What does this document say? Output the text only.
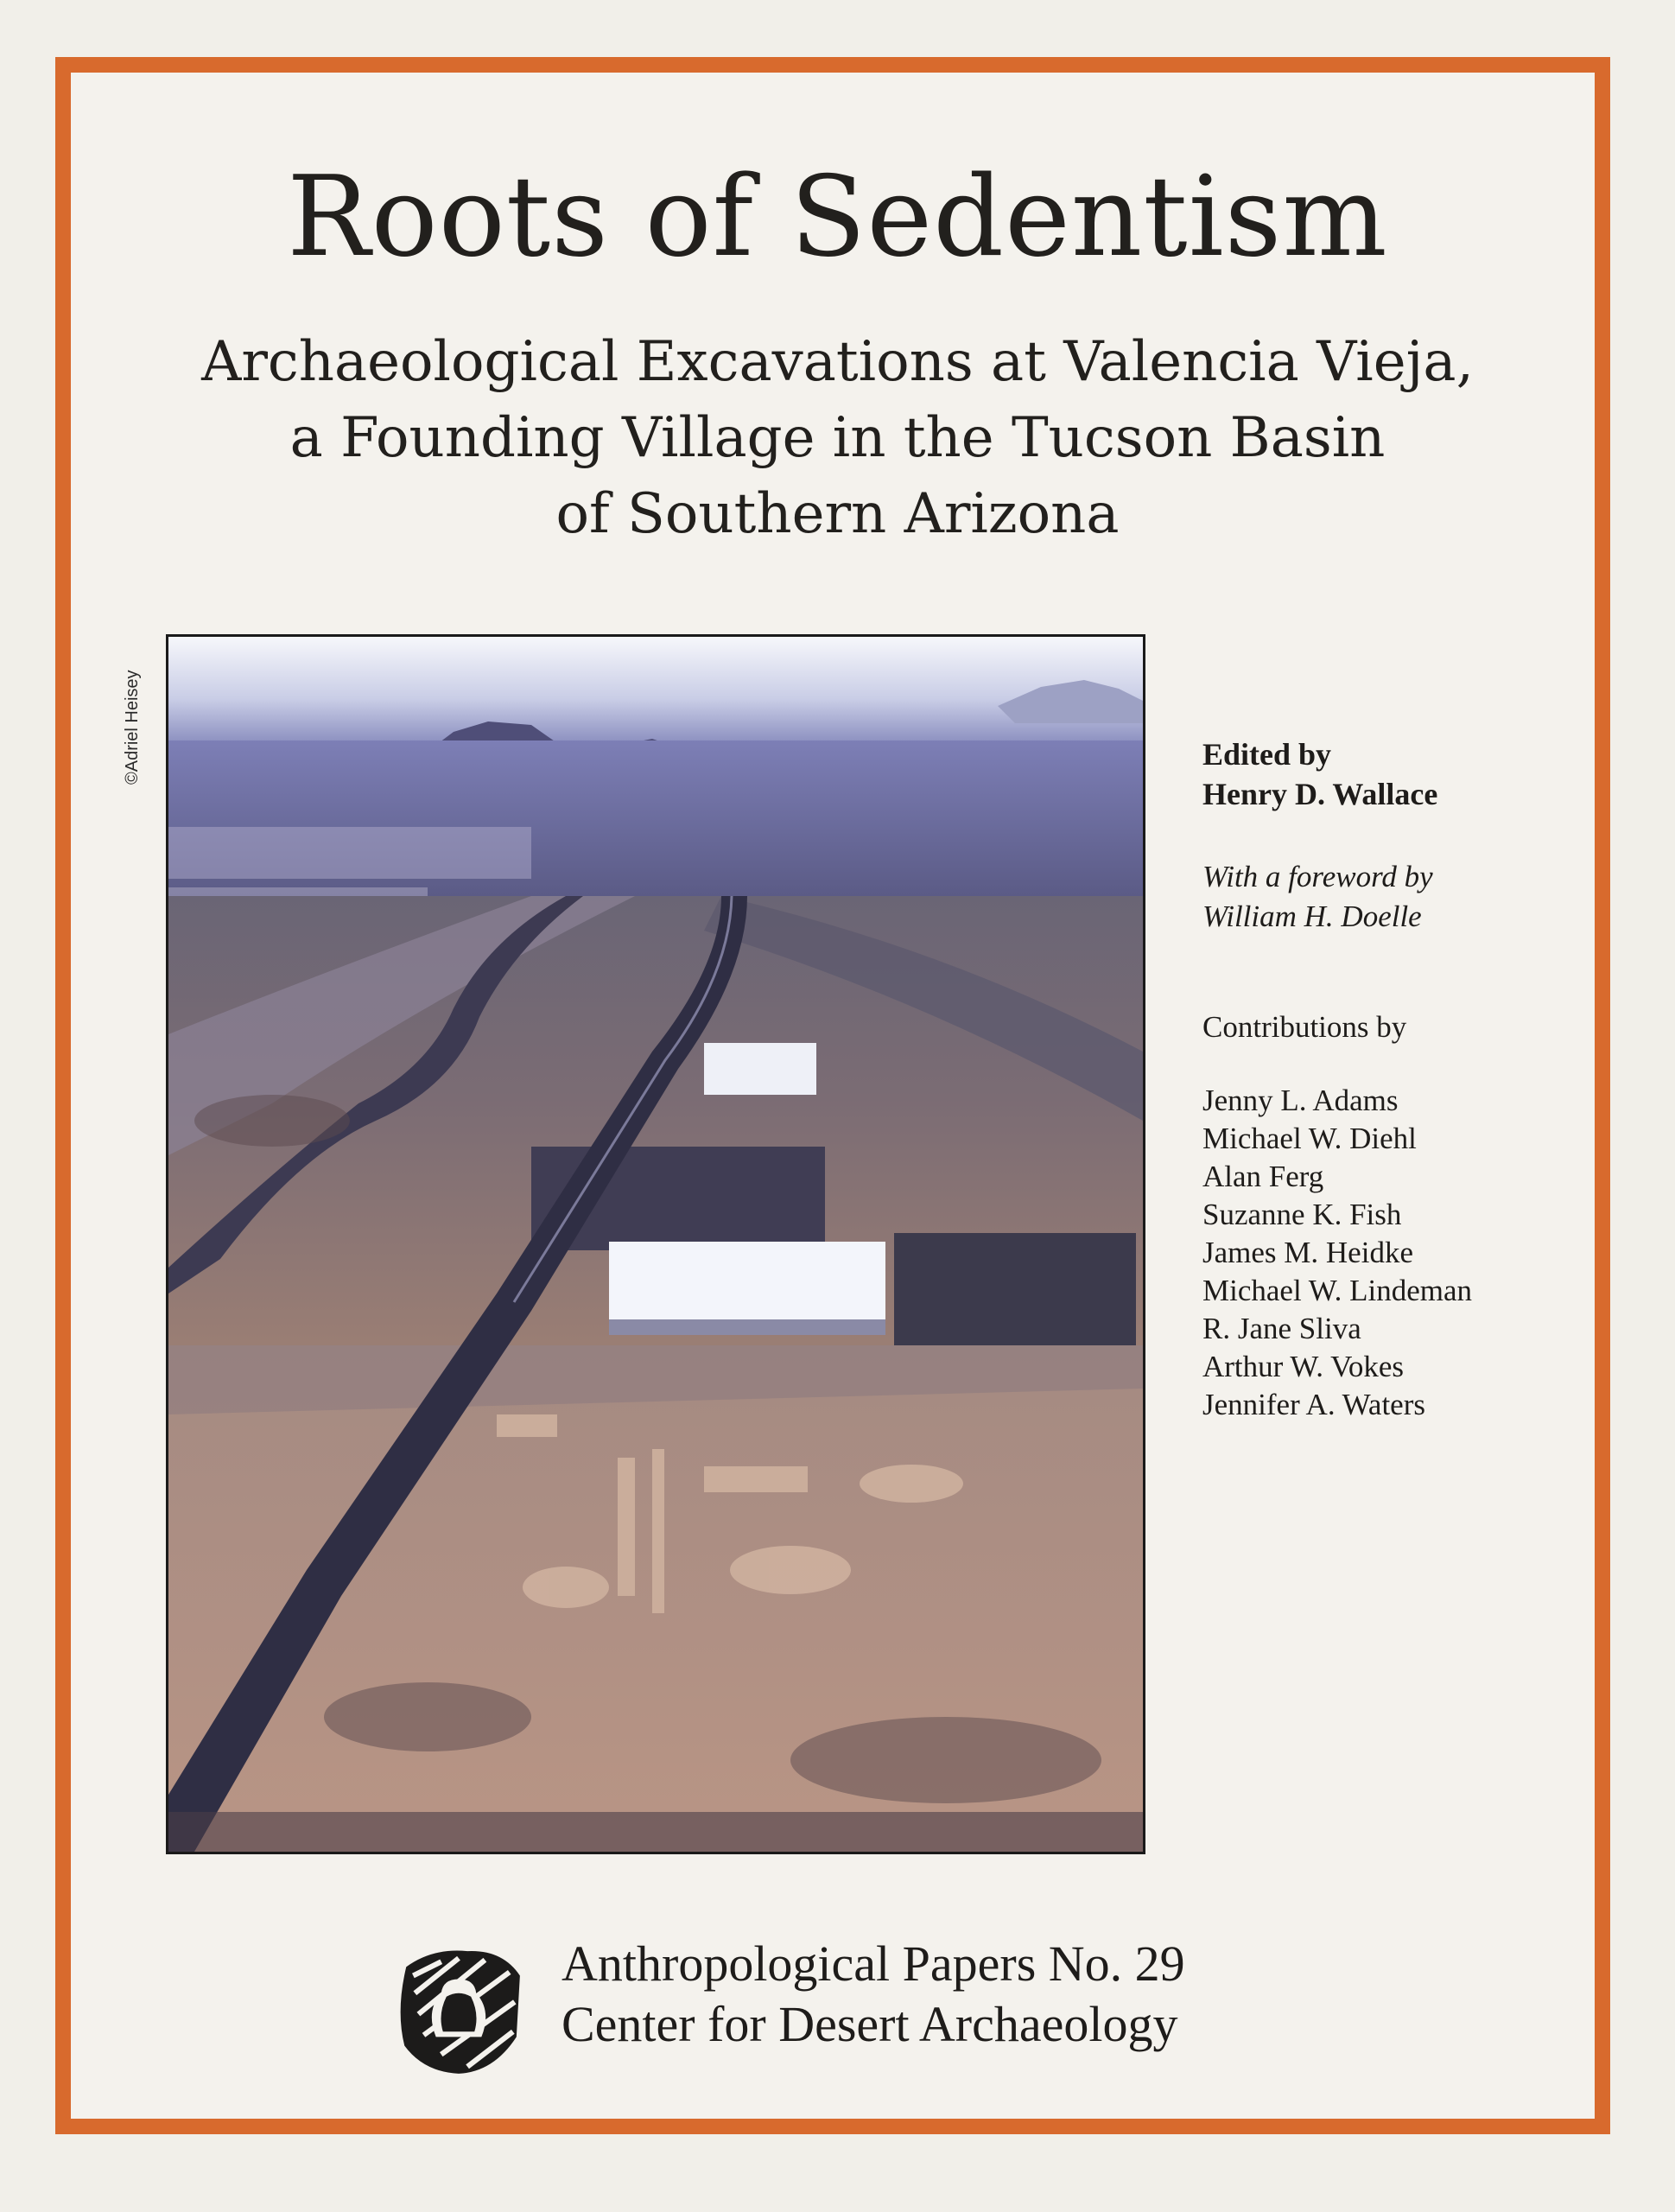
Roots of Sedentism
Archaeological Excavations at Valencia Vieja,
a Founding Village in the Tucson Basin
of Southern Arizona
©Adriel Heisey	Edited by
Henry D. Wallace
With a foreword by
William H. Doelle
Contributions by
Jenny L. Adams
Michael W. Diehl
Alan Ferg
Suzanne K. Fish
James M. Heidke
Michael W. Lindeman
R. Jane Sliva
Arthur W. Vokes
Jennifer A. Waters
Anthropological Papers No. 29
Center for Desert Archaeology
